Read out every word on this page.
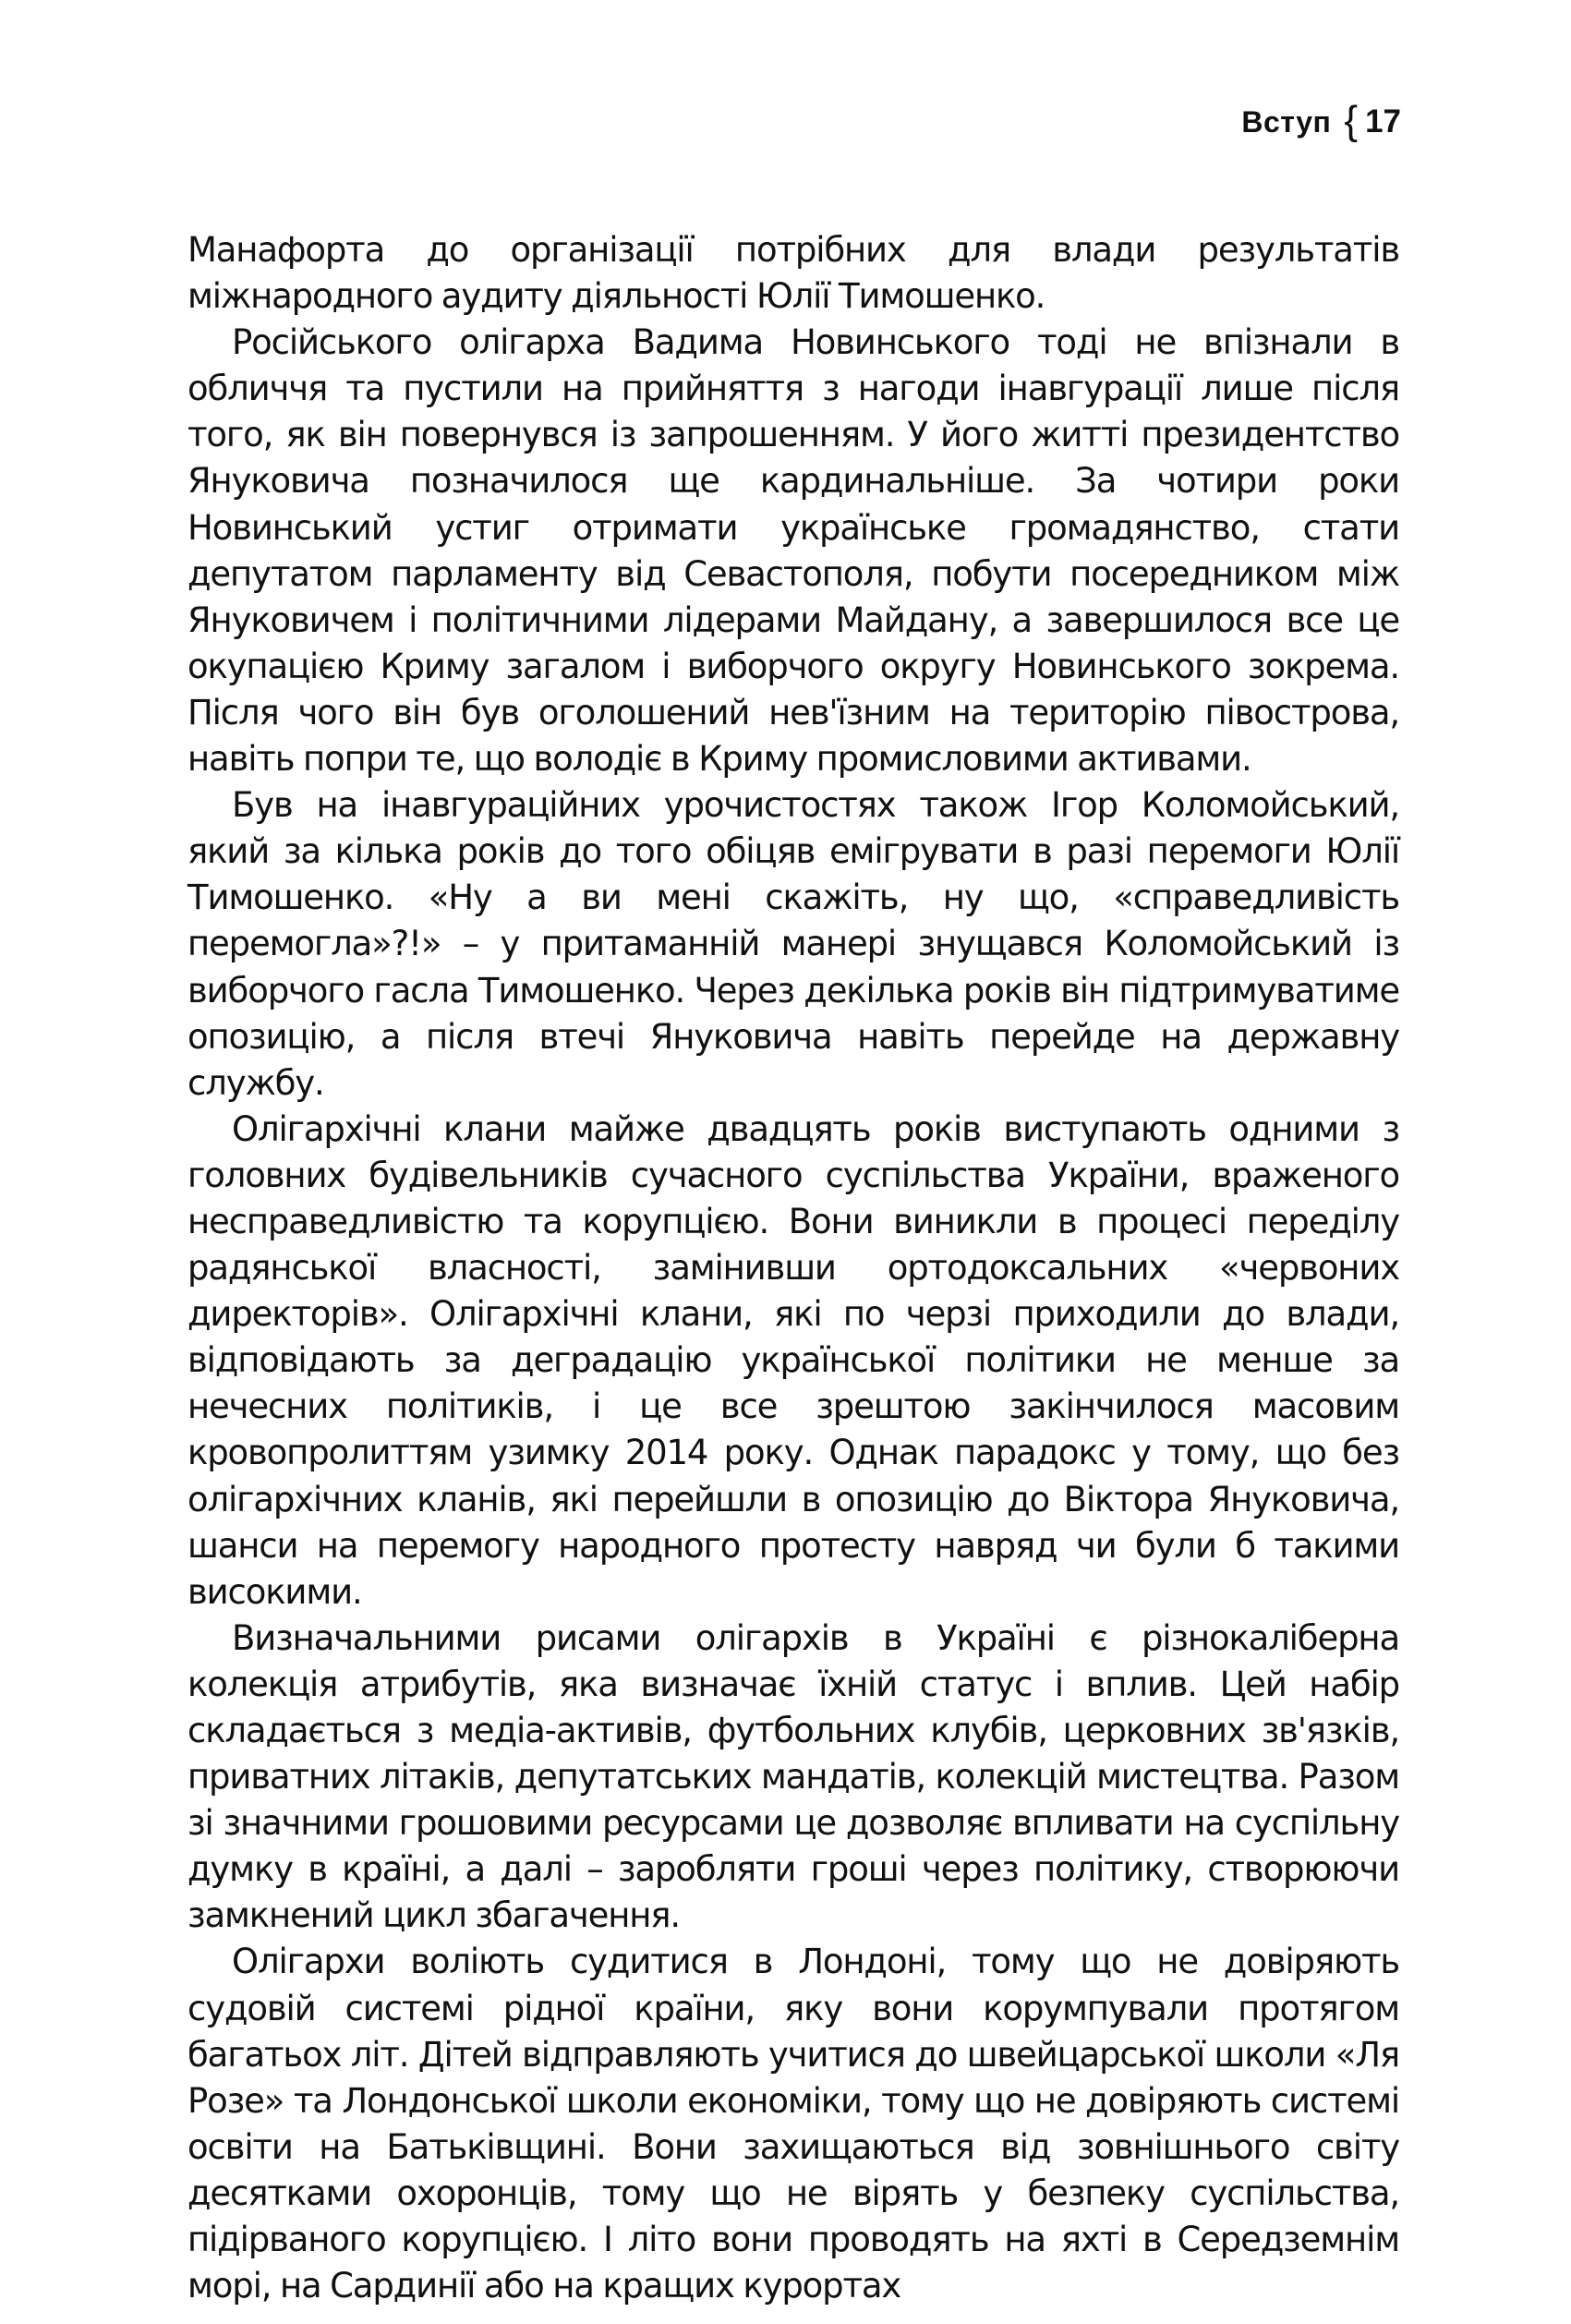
Вступ { 17

Манафорта до організації потрібних для влади результатів міжнародного аудиту діяльності Юлії Тимошенко.

Російського олігарха Вадима Новинського тоді не впізнали в обличчя та пустили на прийняття з нагоди інавгурації лише після того, як він повернувся із запрошенням. У його житті президентство Януковича позначилося ще кардинальніше. За чотири роки Новинський устиг отримати українське громадянство, стати депутатом парламенту від Севастополя, побути посередником між Януковичем і політичними лідерами Майдану, а завершилося все це окупацією Криму загалом і виборчого округу Новинського зокрема. Після чого він був оголошений нев'їзним на територію півострова, навіть попри те, що володіє в Криму промисловими активами.

Був на інавгураційних урочистостях також Ігор Коломойський, який за кілька років до того обіцяв емігрувати в разі перемоги Юлії Тимошенко. «Ну а ви мені скажіть, ну що, «справедливість перемогла»?!» – у притаманній манері знущався Коломойський із виборчого гасла Тимошенко. Через декілька років він підтримуватиме опозицію, а після втечі Януковича навіть перейде на державну службу.

Олігархічні клани майже двадцять років виступають одними з головних будівельників сучасного суспільства України, враженого несправедливістю та корупцією. Вони виникли в процесі переділу радянської власності, замінивши ортодоксальних «червоних директорів». Олігархічні клани, які по черзі приходили до влади, відповідають за деградацію української політики не менше за нечесних політиків, і це все зрештою закінчилося масовим кровопролиттям узимку 2014 року. Однак парадокс у тому, що без олігархічних кланів, які перейшли в опозицію до Віктора Януковича, шанси на перемогу народного протесту навряд чи були б такими високими.

Визначальними рисами олігархів в Україні є різнокаліберна колекція атрибутів, яка визначає їхній статус і вплив. Цей набір складається з медіа-активів, футбольних клубів, церковних зв'язків, приватних літаків, депутатських мандатів, колекцій мистецтва. Разом зі значними грошовими ресурсами це дозволяє впливати на суспільну думку в країні, а далі – заробляти гроші через політику, створюючи замкнений цикл збагачення.

Олігархи воліють судитися в Лондоні, тому що не довіряють судовій системі рідної країни, яку вони корумпували протягом багатьох літ. Дітей відправляють учитися до швейцарської школи «Ля Розе» та Лондонської школи економіки, тому що не довіряють системі освіти на Батьківщині. Вони захищаються від зовнішнього світу десятками охоронців, тому що не вірять у безпеку суспільства, підірваного корупцією. І літо вони проводять на яхті в Середземнім морі, на Сардинії або на кращих курортах
